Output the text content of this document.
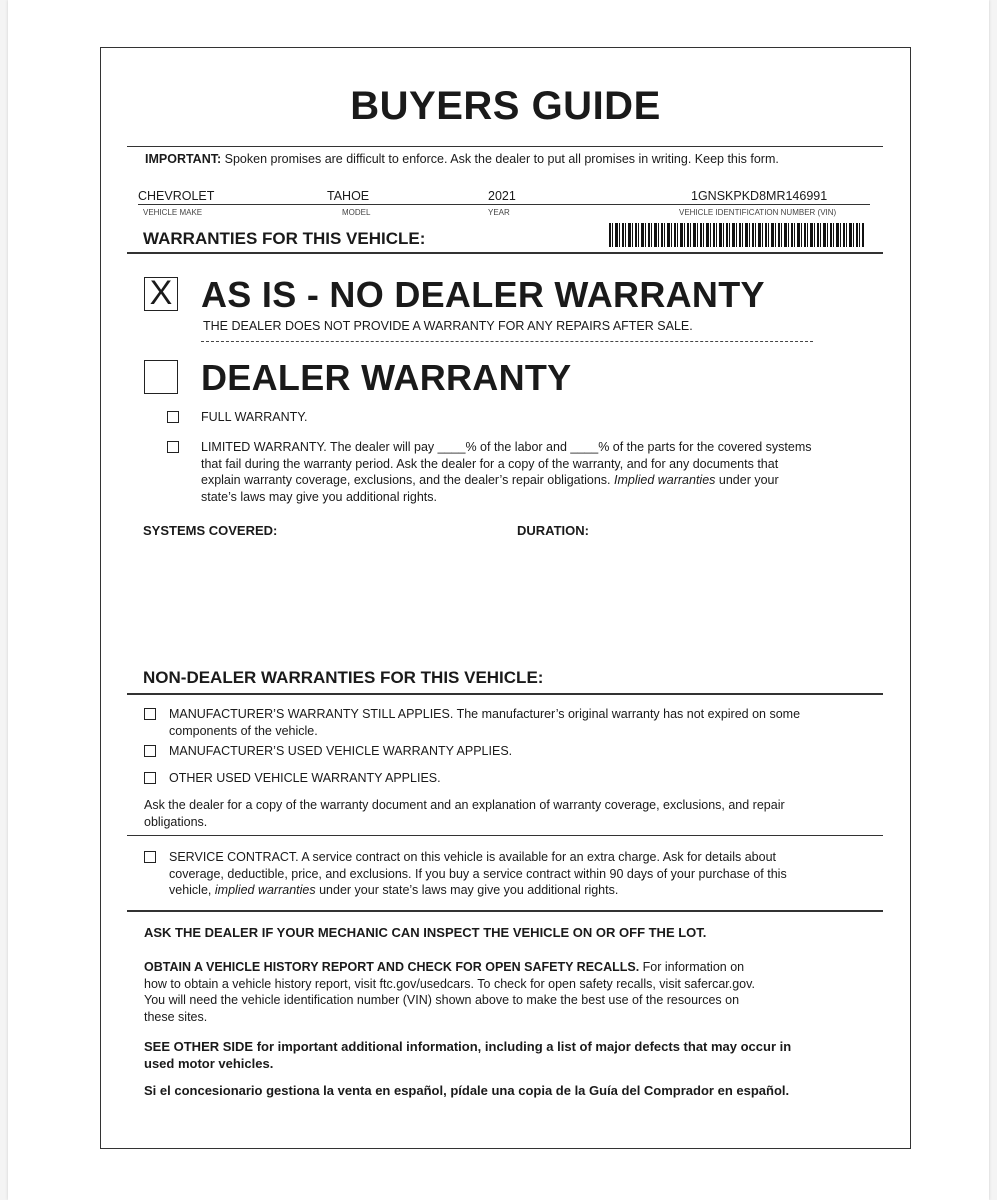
BUYERS GUIDE
IMPORTANT: Spoken promises are difficult to enforce. Ask the dealer to put all promises in writing. Keep this form.
CHEVROLET	TAHOE	2021	1GNSKPKD8MR146991
VEHICLE MAKE	MODEL	YEAR	VEHICLE IDENTIFICATION NUMBER (VIN)
WARRANTIES FOR THIS VEHICLE:
X AS IS - NO DEALER WARRANTY
THE DEALER DOES NOT PROVIDE A WARRANTY FOR ANY REPAIRS AFTER SALE.
DEALER WARRANTY
FULL WARRANTY.
LIMITED WARRANTY. The dealer will pay ____% of the labor and ____% of the parts for the covered systems
that fail during the warranty period. Ask the dealer for a copy of the warranty, and for any documents that
explain warranty coverage, exclusions, and the dealer’s repair obligations. Implied warranties under your
state’s laws may give you additional rights.
SYSTEMS COVERED:	DURATION:
NON-DEALER WARRANTIES FOR THIS VEHICLE:
MANUFACTURER’S WARRANTY STILL APPLIES. The manufacturer’s original warranty has not expired on some
components of the vehicle.
MANUFACTURER’S USED VEHICLE WARRANTY APPLIES.
OTHER USED VEHICLE WARRANTY APPLIES.
Ask the dealer for a copy of the warranty document and an explanation of warranty coverage, exclusions, and repair
obligations.
SERVICE CONTRACT. A service contract on this vehicle is available for an extra charge. Ask for details about
coverage, deductible, price, and exclusions. If you buy a service contract within 90 days of your purchase of this
vehicle, implied warranties under your state’s laws may give you additional rights.
ASK THE DEALER IF YOUR MECHANIC CAN INSPECT THE VEHICLE ON OR OFF THE LOT.
OBTAIN A VEHICLE HISTORY REPORT AND CHECK FOR OPEN SAFETY RECALLS. For information on
how to obtain a vehicle history report, visit ftc.gov/usedcars. To check for open safety recalls, visit safercar.gov.
You will need the vehicle identification number (VIN) shown above to make the best use of the resources on
these sites.
SEE OTHER SIDE for important additional information, including a list of major defects that may occur in
used motor vehicles.
Si el concesionario gestiona la venta en español, pídale una copia de la Guía del Comprador en español.
